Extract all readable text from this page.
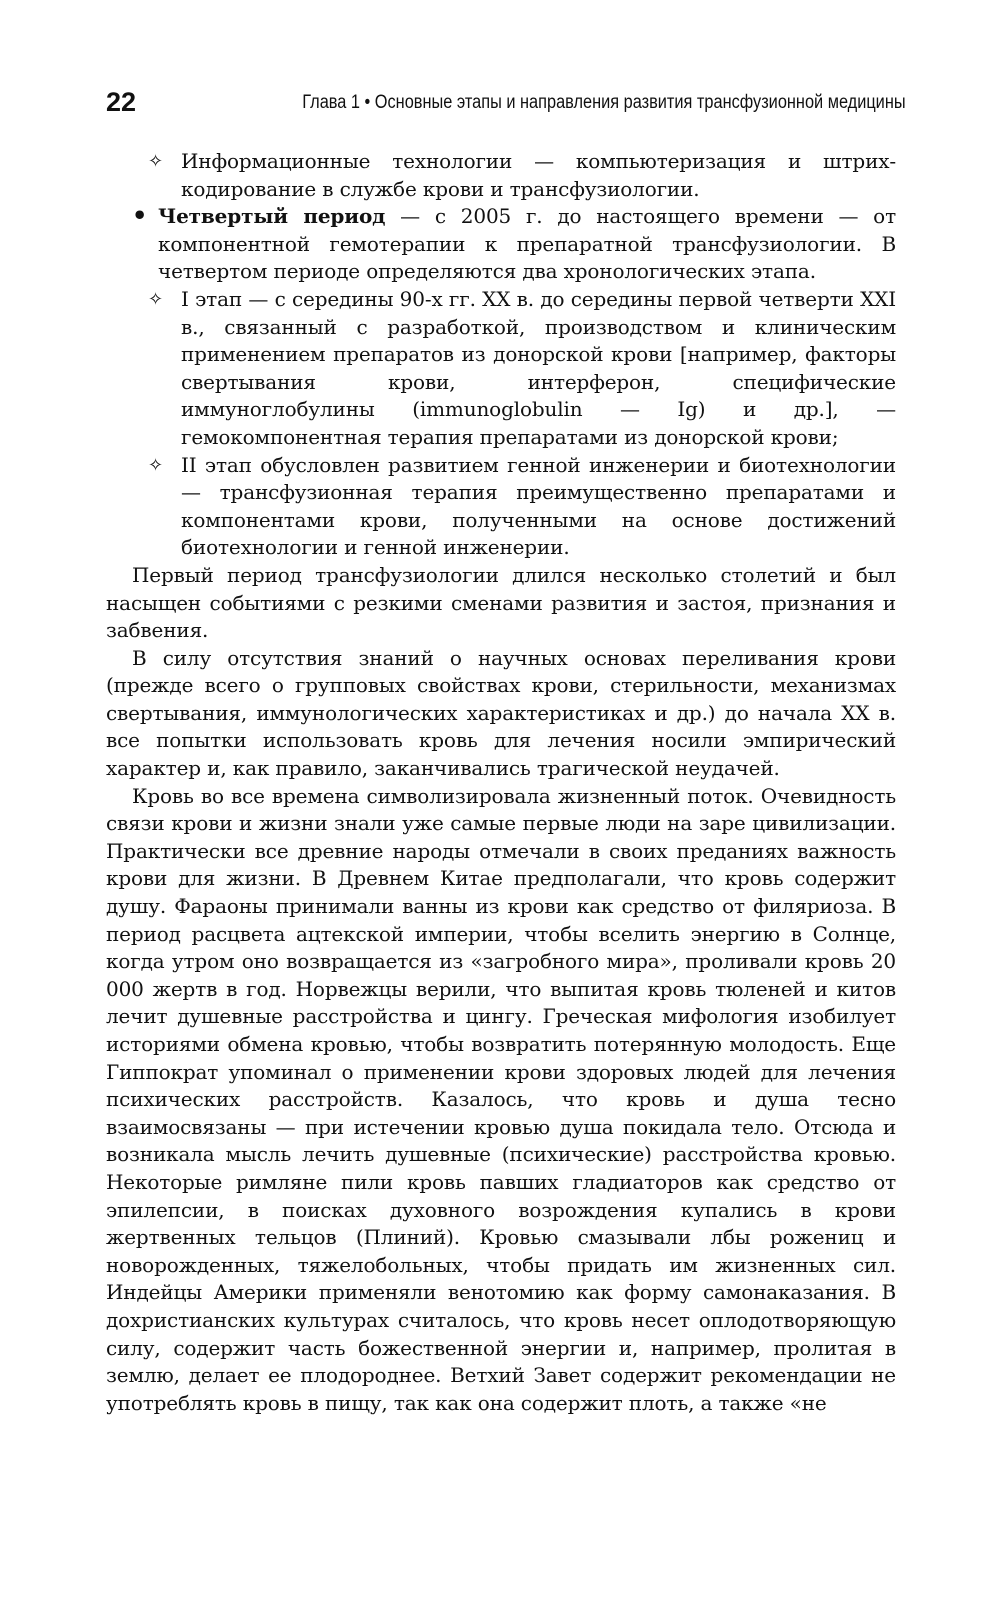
22	Глава 1 • Основные этапы и направления развития трансфузионной медицины

✧ Информационные технологии — компьютеризация и штрих-кодирование в службе крови и трансфузиологии.

• Четвертый период — с 2005 г. до настоящего времени — от компонентной гемотерапии к препаратной трансфузиологии. В четвертом периоде определяются два хронологических этапа.

✧ I этап — с середины 90-х гг. XX в. до середины первой четверти XXI в., связанный с разработкой, производством и клиническим применением препаратов из донорской крови [например, факторы свертывания крови, интерферон, специфические иммуноглобулины (immunoglobulin — Ig) и др.], — гемокомпонентная терапия препаратами из донорской крови;

✧ II этап обусловлен развитием генной инженерии и биотехнологии — трансфузионная терапия преимущественно препаратами и компонентами крови, полученными на основе достижений биотехнологии и генной инженерии.

Первый период трансфузиологии длился несколько столетий и был насыщен событиями с резкими сменами развития и застоя, признания и забвения.

В силу отсутствия знаний о научных основах переливания крови (прежде всего о групповых свойствах крови, стерильности, механизмах свертывания, иммунологических характеристиках и др.) до начала XX в. все попытки использовать кровь для лечения носили эмпирический характер и, как правило, заканчивались трагической неудачей.

Кровь во все времена символизировала жизненный поток. Очевидность связи крови и жизни знали уже самые первые люди на заре цивилизации. Практически все древние народы отмечали в своих преданиях важность крови для жизни. В Древнем Китае предполагали, что кровь содержит душу. Фараоны принимали ванны из крови как средство от филяриоза. В период расцвета ацтекской империи, чтобы вселить энергию в Солнце, когда утром оно возвращается из «загробного мира», проливали кровь 20 000 жертв в год. Норвежцы верили, что выпитая кровь тюленей и китов лечит душевные расстройства и цингу. Греческая мифология изобилует историями обмена кровью, чтобы возвратить потерянную молодость. Еще Гиппократ упоминал о применении крови здоровых людей для лечения психических расстройств. Казалось, что кровь и душа тесно взаимосвязаны — при истечении кровью душа покидала тело. Отсюда и возникала мысль лечить душевные (психические) расстройства кровью. Некоторые римляне пили кровь павших гладиаторов как средство от эпилепсии, в поисках духовного возрождения купались в крови жертвенных тельцов (Плиний). Кровью смазывали лбы рожениц и новорожденных, тяжелобольных, чтобы придать им жизненных сил. Индейцы Америки применяли венотомию как форму самонаказания. В дохристианских культурах считалось, что кровь несет оплодотворяющую силу, содержит часть божественной энергии и, например, пролитая в землю, делает ее плодороднее. Ветхий Завет содержит рекомендации не употреблять кровь в пищу, так как она содержит плоть, а также «не
